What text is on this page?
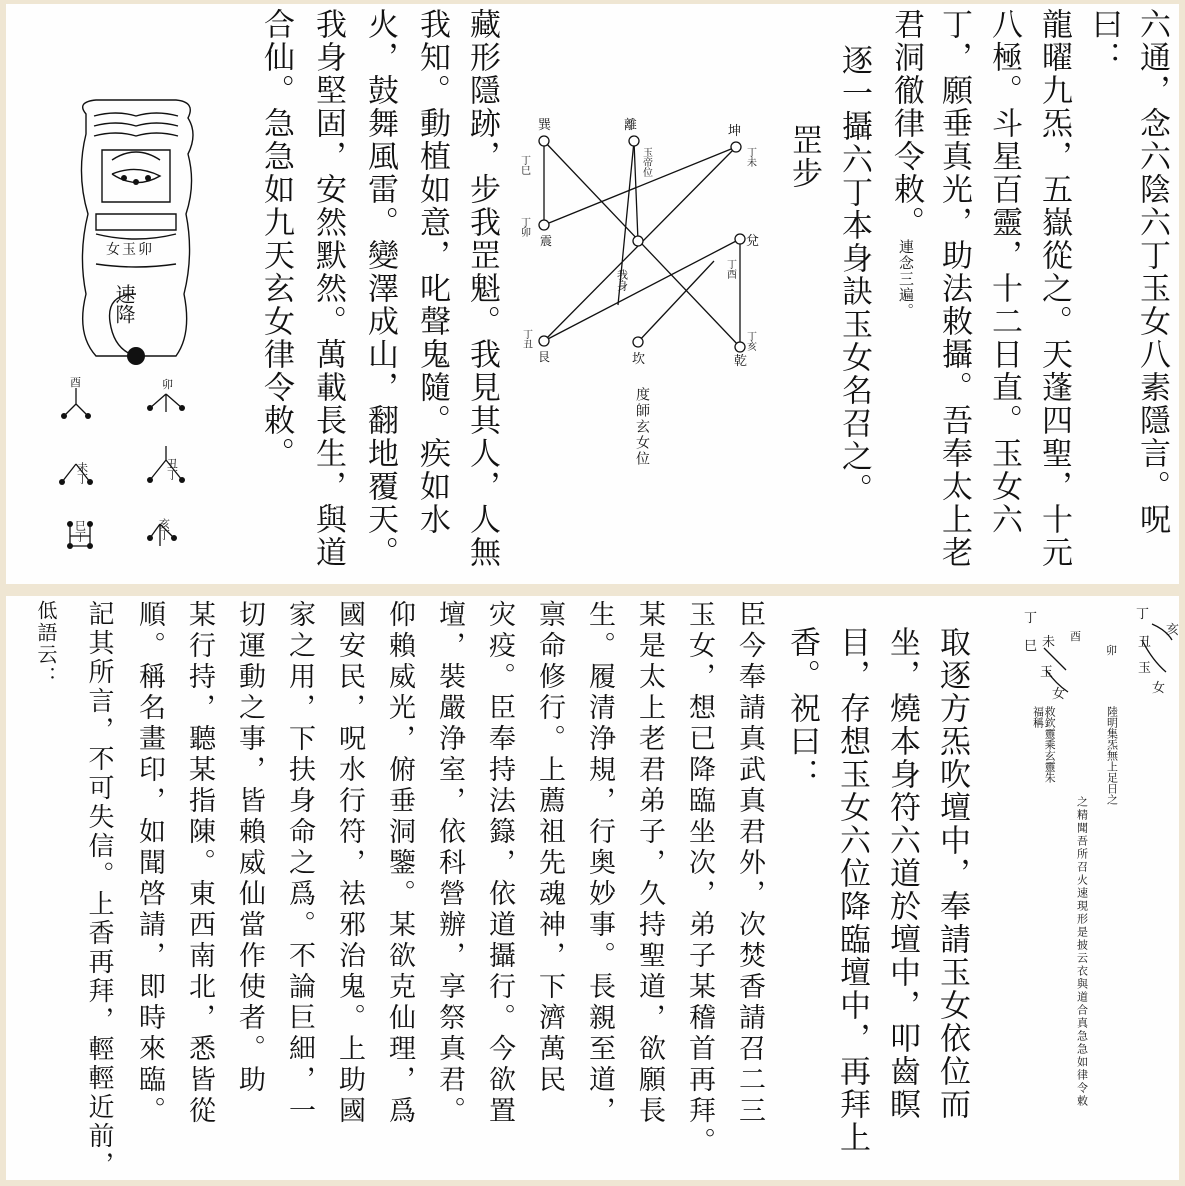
六通，念六陰六丁玉女八素隱言。呪
曰：
龍曜九炁，五嶽從之。天蓬四聖，十元
八極。斗星百靈，十二日直。玉女六
丁，願垂真光，助法敕攝。吾奉太上老
君洞徹律令敕。連念三遍。
逐一攝六丁本身訣玉女名召之。
罡步
巽
丁巳
離
玉帝位
坤
丁未
震
丁卯
兌
丁酉
我身
艮
丁丑
坎	乾
丁亥
度師玄女位
藏形隱跡，步我罡魁。我見其人，人無
我知。動植如意，叱聲鬼隨。疾如水
火，鼓舞風雷。變澤成山，翻地覆天。
我身堅固，安然默然。萬載長生，與道
合仙。急急如九天玄女律令敕。
女玉卯
速降
酉	卯
未丁	丑丁
巳丁	亥丁
丁
亥
丑
玉
女
丁
未
巳
玉
女
卯
酉
陸明集炁無上足日之
救欽靈乘玄靈朱福稱
之精聞吾所召火速現形是披云衣與道合真急急如律令敕
取逐方炁吹壇中，奉請玉女依位而
坐，燒本身符六道於壇中，叩齒瞑
目，存想玉女六位降臨壇中，再拜上
香。祝曰：
臣今奉請真武真君外，次焚香請召二三
玉女，想已降臨坐次，弟子某稽首再拜。
某是太上老君弟子，久持聖道，欲願長
生。履清浄規，行奥妙事。長親至道，
禀命修行。上薦祖先魂神，下濟萬民
灾疫。臣奉持法籙，依道攝行。今欲置
壇，裝嚴浄室，依科營辦，享祭真君。
仰賴威光，俯垂洞鑒。某欲克仙理，爲
國安民，呪水行符，祛邪治鬼。上助國
家之用，下扶身命之爲。不論巨細，一
切運動之事，皆賴威仙當作使者。助
某行持，聽某指陳。東西南北，悉皆從
順。稱名畫印，如聞啓請，即時來臨。
記其所言，不可失信。上香再拜，輕輕近前，
低語云：
